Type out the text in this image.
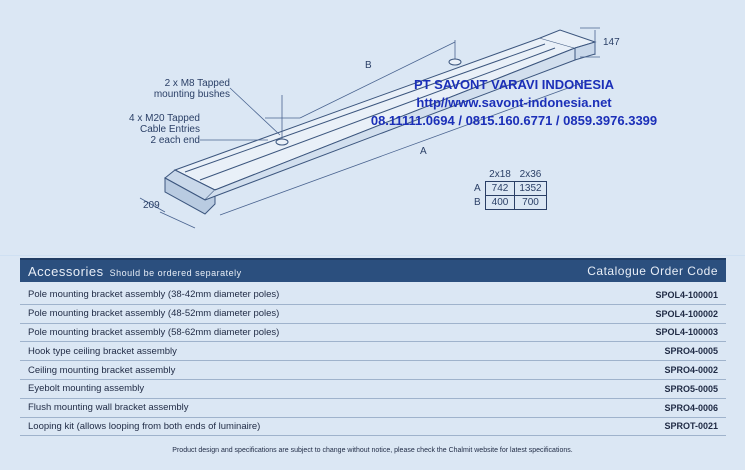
2 x M8 Tapped
mounting bushes
4 x M20 Tapped
Cable Entries
2 each end
B
A
147
209
PT SAVONT VARAVI INDONESIA
http//www.savont-indonesia.net
08.11111.0694 / 0815.160.6771 / 0859.3976.3399
	2x18	2x36
A	742	1352
B	400	700
Accessories Should be ordered separately	Catalogue Order Code
Pole mounting bracket assembly (38-42mm diameter poles)	SPOL4-100001
Pole mounting bracket assembly (48-52mm diameter poles)	SPOL4-100002
Pole mounting bracket assembly (58-62mm diameter poles)	SPOL4-100003
Hook type ceiling bracket assembly	SPRO4-0005
Ceiling mounting bracket assembly	SPRO4-0002
Eyebolt mounting assembly	SPRO5-0005
Flush mounting wall bracket assembly	SPRO4-0006
Looping kit (allows looping from both ends of luminaire)	SPROT-0021
Product design and specifications are subject to change without notice, please check the Chalmit website for latest specifications.
